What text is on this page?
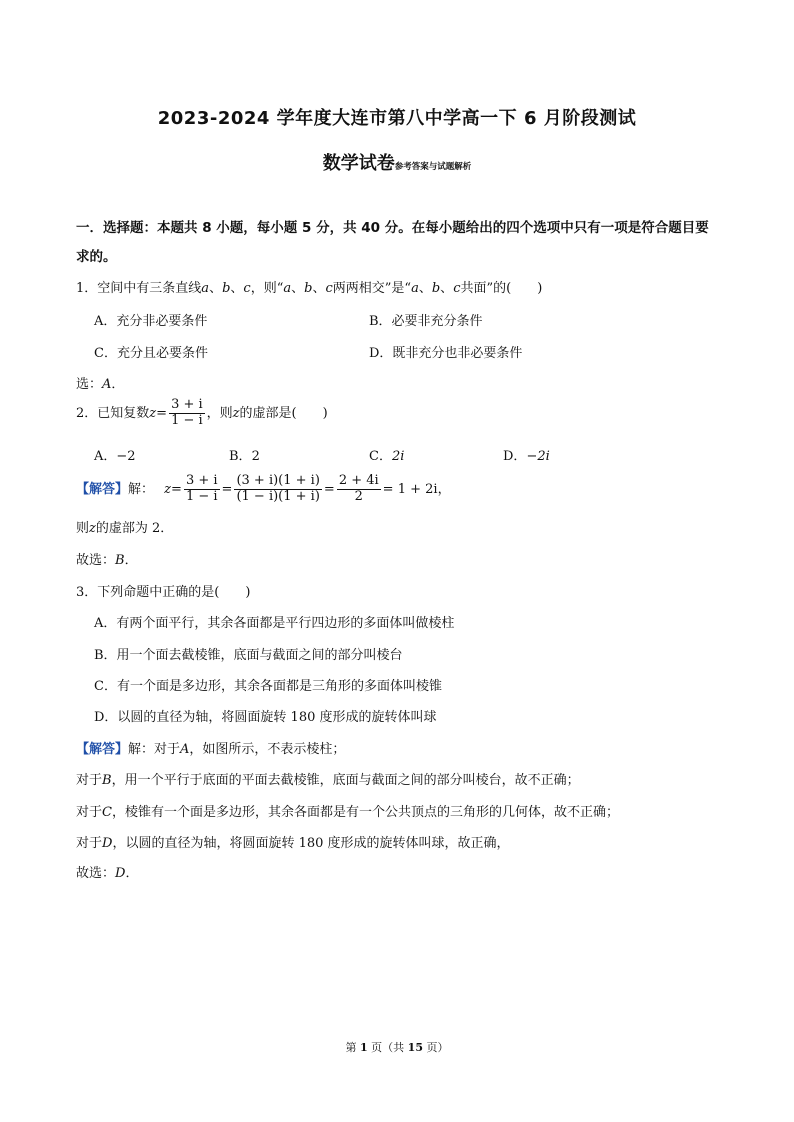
2023-2024 学年度大连市第八中学高一下 6 月阶段测试
数学试卷参考答案与试题解析
一．选择题：本题共 8 小题，每小题 5 分，共 40 分。在每小题给出的四个选项中只有一项是符合题目要
求的。
1．空间中有三条直线a、b、c，则“a、b、c两两相交”是“a、b、c共面”的(　　)
A．充分非必要条件	B．必要非充分条件
C．充分且必要条件	D．既非充分也非必要条件
选：A．
2．已知复数$z= \frac{3 + i}{1 - i}$ ，则z的虚部是(　　)
A．−2	B．2	C．2i	D．−2i
【解答】解： $z= \frac{3 + i}{1 - i} = \frac{(3 + i)(1 + i)}{(1 - i)(1 + i)} = \frac{2 + 4i}{2} = 1 + 2i$，
则z的虚部为 2．
故选：B．
3．下列命题中正确的是(　　)
A．有两个面平行，其余各面都是平行四边形的多面体叫做棱柱
B．用一个面去截棱锥，底面与截面之间的部分叫棱台
C．有一个面是多边形，其余各面都是三角形的多面体叫棱锥
D．以圆的直径为轴，将圆面旋转 180 度形成的旋转体叫球
【解答】解：对于A，如图所示，不表示棱柱；
对于B，用一个平行于底面的平面去截棱锥，底面与截面之间的部分叫棱台，故不正确；
对于C，棱锥有一个面是多边形，其余各面都是有一个公共顶点的三角形的几何体，故不正确；
对于D，以圆的直径为轴，将圆面旋转 180 度形成的旋转体叫球，故正确，
故选：D．
第 1 页（共 15 页）
